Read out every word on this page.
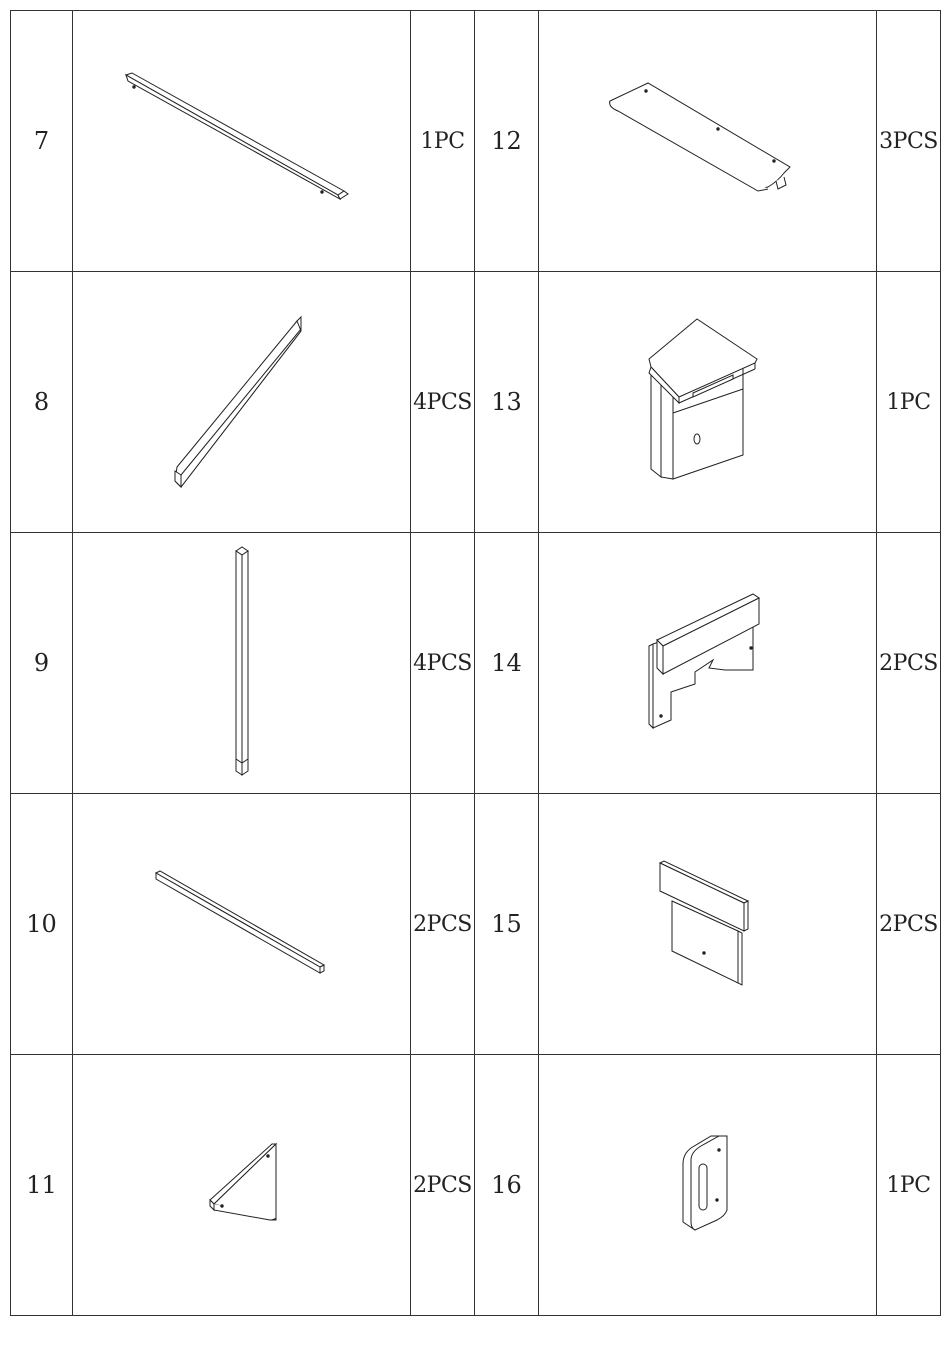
7		1PC	12		3PCS
8		4PCS	13		1PC
9		4PCS	14		2PCS
10		2PCS	15		2PCS
11		2PCS	16		1PC
